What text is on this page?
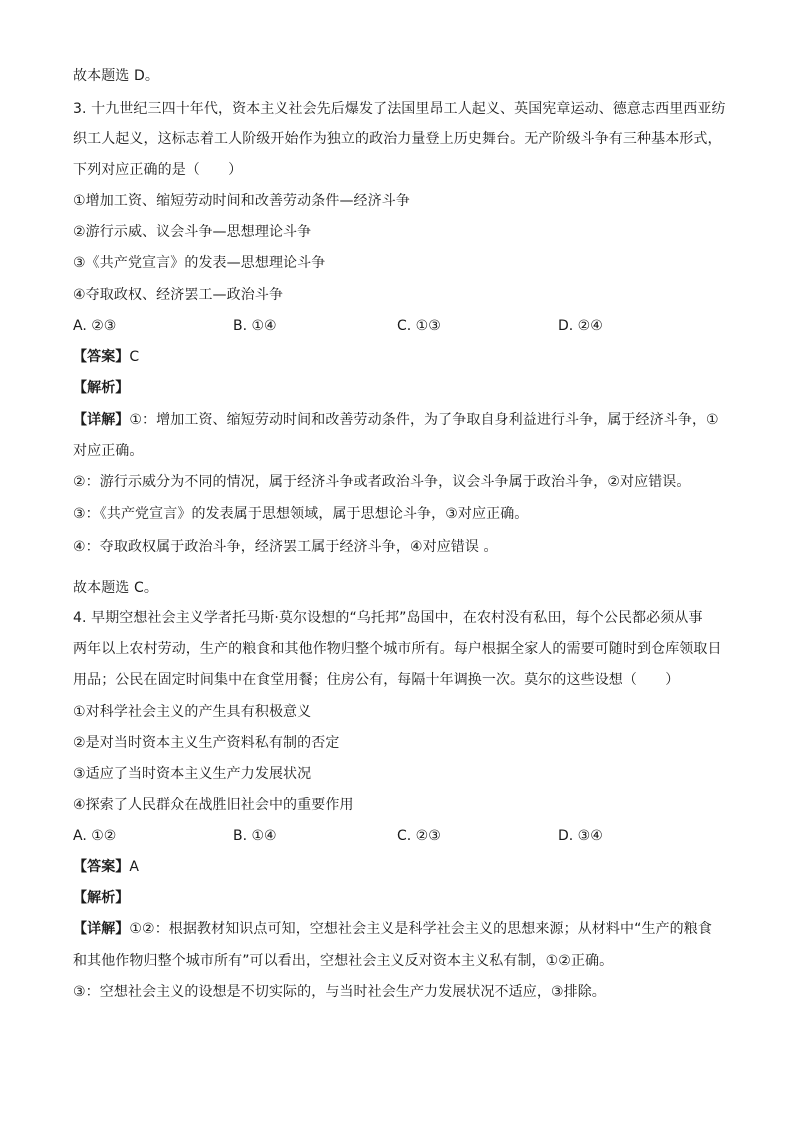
故本题选 D。
3. 十九世纪三四十年代，资本主义社会先后爆发了法国里昂工人起义、英国宪章运动、德意志西里西亚纺
织工人起义，这标志着工人阶级开始作为独立的政治力量登上历史舞台。无产阶级斗争有三种基本形式，
下列对应正确的是（　　）
①增加工资、缩短劳动时间和改善劳动条件—经济斗争
②游行示威、议会斗争—思想理论斗争
③《共产党宣言》的发表—思想理论斗争
④夺取政权、经济罢工—政治斗争
A. ②③	B. ①④	C. ①③	D. ②④
【答案】C
【解析】
【详解】①：增加工资、缩短劳动时间和改善劳动条件，为了争取自身利益进行斗争，属于经济斗争，①
对应正确。
②：游行示威分为不同的情况，属于经济斗争或者政治斗争，议会斗争属于政治斗争，②对应错误。
③：《共产党宣言》的发表属于思想领域，属于思想论斗争，③对应正确。
④：夺取政权属于政治斗争，经济罢工属于经济斗争，④对应错误 。
故本题选 C。
4. 早期空想社会主义学者托马斯·莫尔设想的“乌托邦”岛国中，在农村没有私田，每个公民都必须从事
两年以上农村劳动，生产的粮食和其他作物归整个城市所有。每户根据全家人的需要可随时到仓库领取日
用品；公民在固定时间集中在食堂用餐；住房公有，每隔十年调换一次。莫尔的这些设想（　　）
①对科学社会主义的产生具有积极意义
②是对当时资本主义生产资料私有制的否定
③适应了当时资本主义生产力发展状况
④探索了人民群众在战胜旧社会中的重要作用
A. ①②	B. ①④	C. ②③	D. ③④
【答案】A
【解析】
【详解】①②：根据教材知识点可知，空想社会主义是科学社会主义的思想来源；从材料中“生产的粮食
和其他作物归整个城市所有”可以看出，空想社会主义反对资本主义私有制，①②正确。
③：空想社会主义的设想是不切实际的，与当时社会生产力发展状况不适应，③排除。
